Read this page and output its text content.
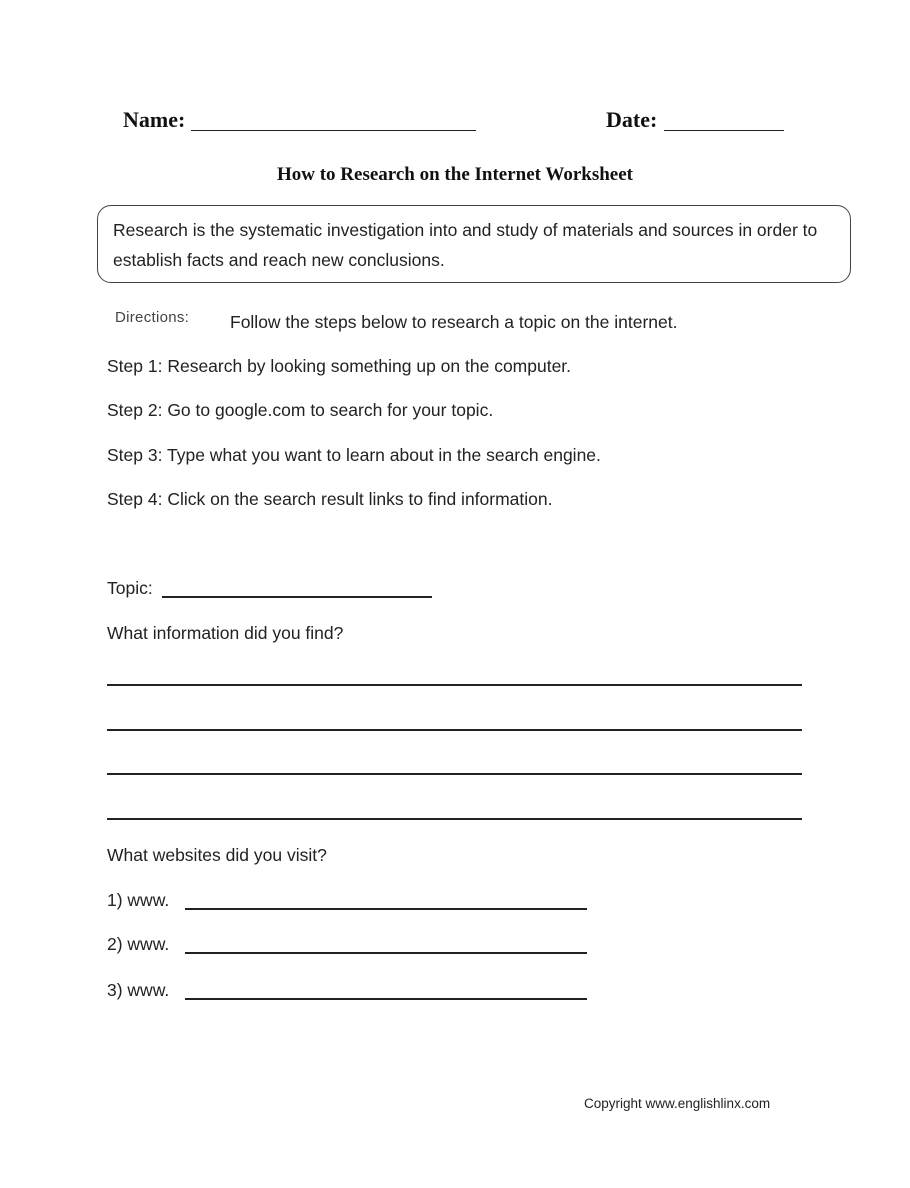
Name:	Date:
How to Research on the Internet Worksheet
Research is the systematic investigation into and study of materials and sources in order to establish facts and reach new conclusions.
Directions: Follow the steps below to research a topic on the internet.
Step 1: Research by looking something up on the computer.
Step 2: Go to google.com to search for your topic.
Step 3: Type what you want to learn about in the search engine.
Step 4: Click on the search result links to find information.
Topic:
What information did you find?
What websites did you visit?
1) www.
2) www.
3) www.
Copyright www.englishlinx.com
